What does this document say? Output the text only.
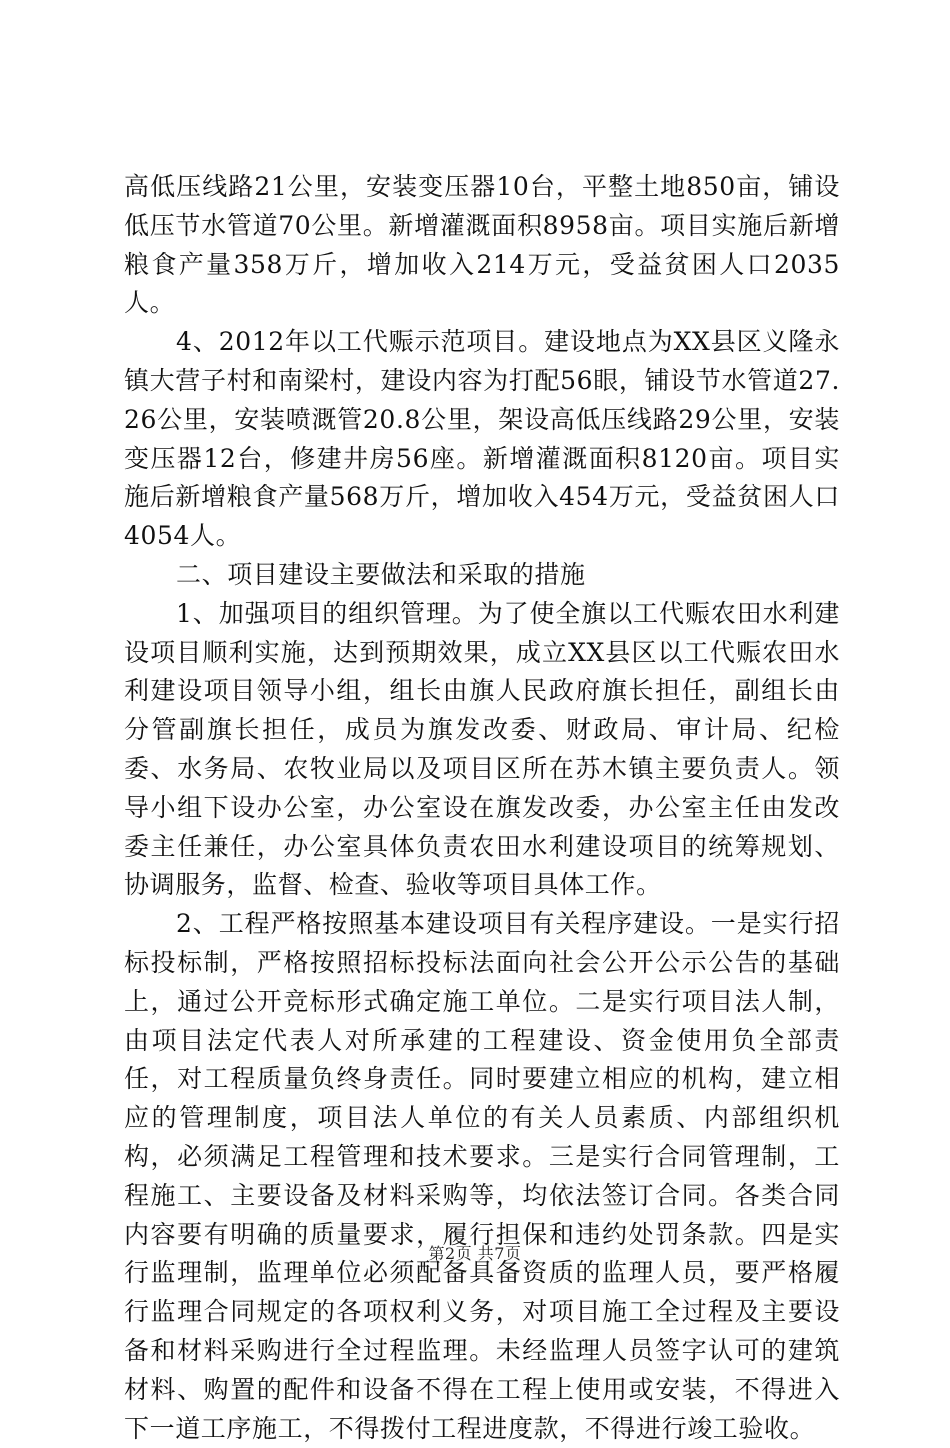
高低压线路21公里，安装变压器10台，平整土地850亩，铺设低压节水管道70公里。新增灌溉面积8958亩。项目实施后新增粮食产量358万斤，增加收入214万元，受益贫困人口2035人。

4、2012年以工代赈示范项目。建设地点为XX县区义隆永镇大营子村和南梁村，建设内容为打配56眼，铺设节水管道27.26公里，安装喷溉管20.8公里，架设高低压线路29公里，安装变压器12台，修建井房56座。新增灌溉面积8120亩。项目实施后新增粮食产量568万斤，增加收入454万元，受益贫困人口4054人。

二、项目建设主要做法和采取的措施

1、加强项目的组织管理。为了使全旗以工代赈农田水利建设项目顺利实施，达到预期效果，成立XX县区以工代赈农田水利建设项目领导小组，组长由旗人民政府旗长担任，副组长由分管副旗长担任，成员为旗发改委、财政局、审计局、纪检委、水务局、农牧业局以及项目区所在苏木镇主要负责人。领导小组下设办公室，办公室设在旗发改委，办公室主任由发改委主任兼任，办公室具体负责农田水利建设项目的统筹规划、协调服务，监督、检查、验收等项目具体工作。

2、工程严格按照基本建设项目有关程序建设。一是实行招标投标制，严格按照招标投标法面向社会公开公示公告的基础上，通过公开竞标形式确定施工单位。二是实行项目法人制，由项目法定代表人对所承建的工程建设、资金使用负全部责任，对工程质量负终身责任。同时要建立相应的机构，建立相应的管理制度，项目法人单位的有关人员素质、内部组织机构，必须满足工程管理和技术要求。三是实行合同管理制，工程施工、主要设备及材料采购等，均依法签订合同。各类合同内容要有明确的质量要求，履行担保和违约处罚条款。四是实行监理制，监理单位必须配备具备资质的监理人员，要严格履行监理合同规定的各项权利义务，对项目施工全过程及主要设备和材料采购进行全过程监理。未经监理人员签字认可的建筑材料、购置的配件和设备不得在工程上使用或安装，不得进入下一道工序施工，不得拨付工程进度款，不得进行竣工验收。

第2页 共7页
